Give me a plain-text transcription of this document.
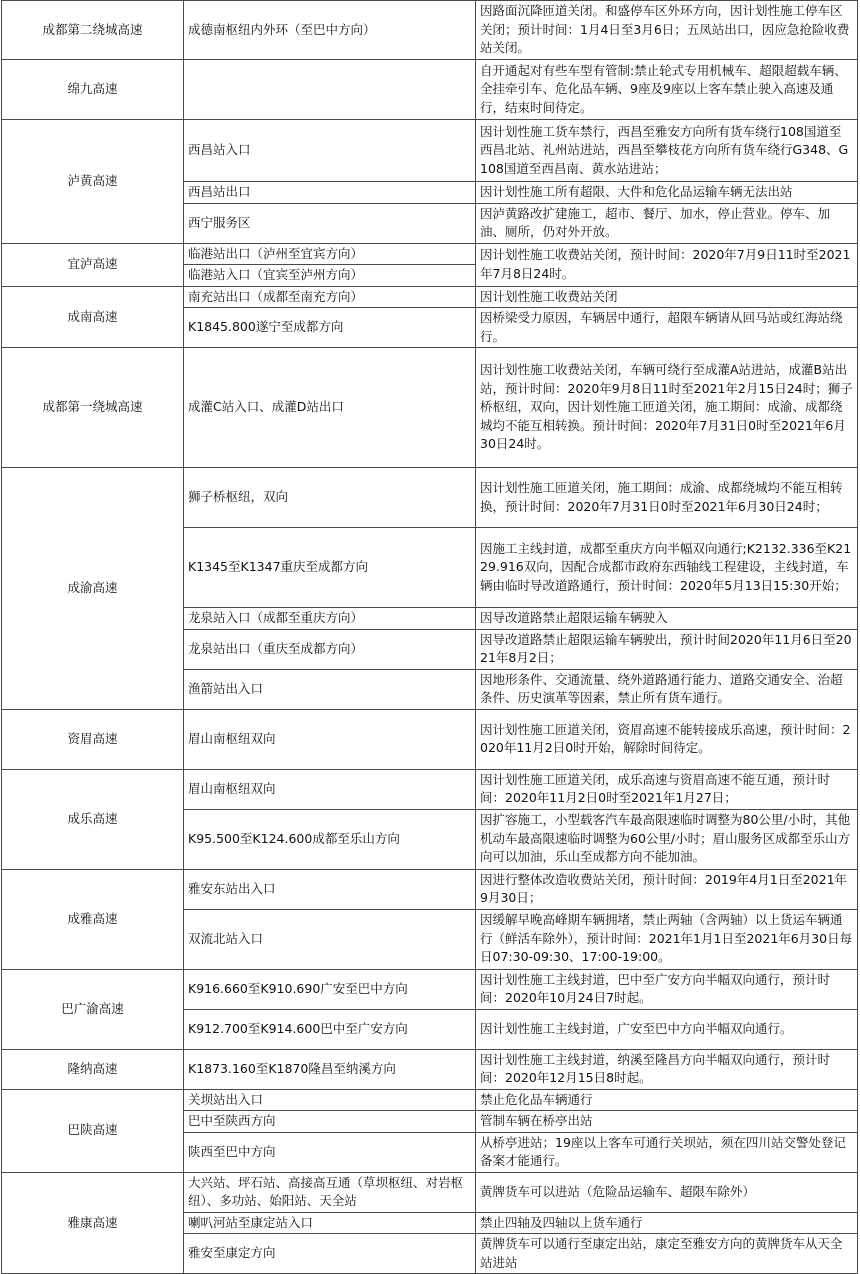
成都第二绕城高速	成德南枢纽内外环（至巴中方向）	因路面沉降匝道关闭。和盛停车区外环方向，因计划性施工停车区关闭；预计时间：1月4日至3月6日；五凤站出口，因应急抢险收费站关闭。
绵九高速		自开通起对有些车型有管制:禁止轮式专用机械车、超限超载车辆、全挂牵引车、危化品车辆、9座及9座以上客车禁止驶入高速及通行，结束时间待定。
泸黄高速	西昌站入口	因计划性施工货车禁行，西昌至雅安方向所有货车绕行108国道至西昌北站、礼州站进站，西昌至攀枝花方向所有货车绕行G348、G108国道至西昌南、黄水站进站；
	西昌站出口	因计划性施工所有超限、大件和危化品运输车辆无法出站
	西宁服务区	因泸黄路改扩建施工，超市、餐厅、加水，停止营业。停车、加油、厕所，仍对外开放。
宜泸高速	临港站出口（泸州至宜宾方向）	因计划性施工收费站关闭，预计时间：2020年7月9日11时至2021年7月8日24时。
	临港站入口（宜宾至泸州方向）	
成南高速	南充站出口（成都至南充方向）	因计划性施工收费站关闭
	K1845.800遂宁至成都方向	因桥梁受力原因，车辆居中通行，超限车辆请从回马站或红海站绕行。
成都第一绕城高速	成灌C站入口、成灌D站出口	因计划性施工收费站关闭，车辆可绕行至成灌A站进站，成灌B站出站，预计时间：2020年9月8日11时至2021年2月15日24时；狮子桥枢纽，双向，因计划性施工匝道关闭，施工期间：成渝、成都绕城均不能互相转换。预计时间：2020年7月31日0时至2021年6月30日24时。
成渝高速	狮子桥枢纽，双向	因计划性施工匝道关闭，施工期间：成渝、成都绕城均不能互相转换，预计时间：2020年7月31日0时至2021年6月30日24时；
	K1345至K1347重庆至成都方向	因施工主线封道，成都至重庆方向半幅双向通行;K2132.336至K2129.916双向，因配合成都市政府东西轴线工程建设，主线封道，车辆由临时导改道路通行，预计时间：2020年5月13日15:30开始；
	龙泉站入口（成都至重庆方向）	因导改道路禁止超限运输车辆驶入
	龙泉站出口（重庆至成都方向）	因导改道路禁止超限运输车辆驶出，预计时间2020年11月6日至2021年8月2日；
	渔箭站出入口	因地形条件、交通流量、绕外道路通行能力、道路交通安全、治超条件、历史演革等因素，禁止所有货车通行。
资眉高速	眉山南枢纽双向	因计划性施工匝道关闭，资眉高速不能转接成乐高速，预计时间：2020年11月2日0时开始，解除时间待定。
成乐高速	眉山南枢纽双向	因计划性施工匝道关闭，成乐高速与资眉高速不能互通，预计时间：2020年11月2日0时至2021年1月27日；
	K95.500至K124.600成都至乐山方向	因扩容施工，小型载客汽车最高限速临时调整为80公里/小时，其他机动车最高限速临时调整为60公里/小时；眉山服务区成都至乐山方向可以加油，乐山至成都方向不能加油。
成雅高速	雅安东站出入口	因进行整体改造收费站关闭，预计时间：2019年4月1日至2021年9月30日；
	双流北站入口	因缓解早晚高峰期车辆拥堵，禁止两轴（含两轴）以上货运车辆通行（鲜活车除外），预计时间：2021年1月1日至2021年6月30日每日07:30-09:30、17:00-19:00。
巴广渝高速	K916.660至K910.690广安至巴中方向	因计划性施工主线封道，巴中至广安方向半幅双向通行，预计时间：2020年10月24日7时起。
	K912.700至K914.600巴中至广安方向	因计划性施工主线封道，广安至巴中方向半幅双向通行。
隆纳高速	K1873.160至K1870隆昌至纳溪方向	因计划性施工主线封道，纳溪至隆昌方向半幅双向通行，预计时间：2020年12月15日8时起。
巴陕高速	关坝站出入口	禁止危化品车辆通行
	巴中至陕西方向	管制车辆在桥亭出站
	陕西至巴中方向	从桥亭进站；19座以上客车可通行关坝站，须在四川站交警处登记备案才能通行。
雅康高速	大兴站、坪石站、高接高互通（草坝枢纽、对岩枢纽）、多功站、始阳站、天全站	黄牌货车可以进站（危险品运输车、超限车除外）
	喇叭河站至康定站入口	禁止四轴及四轴以上货车通行
	雅安至康定方向	黄牌货车可以通行至康定出站，康定至雅安方向的黄牌货车从天全站进站
